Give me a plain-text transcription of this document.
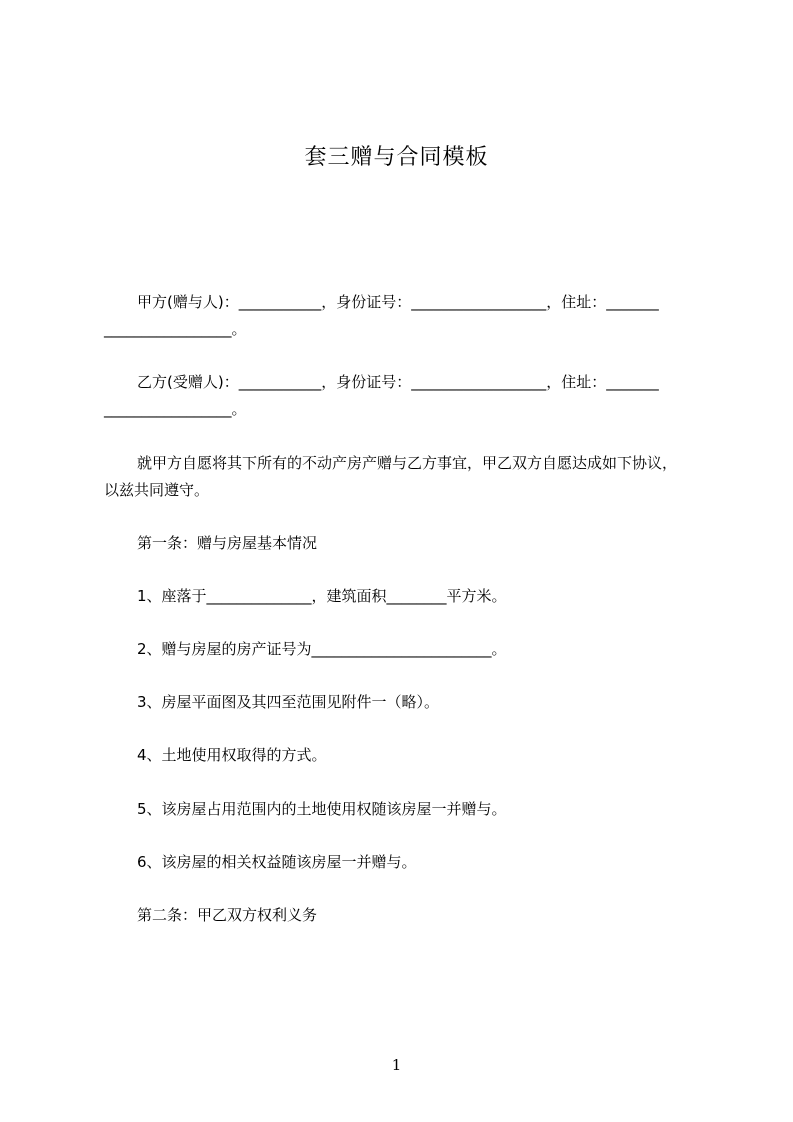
套三赠与合同模板
甲方(赠与人)：___________，身份证号：__________________，住址：_______
_________________。
乙方(受赠人)：___________，身份证号：__________________，住址：_______
_________________。
就甲方自愿将其下所有的不动产房产赠与乙方事宜，甲乙双方自愿达成如下协议，
以兹共同遵守。
第一条：赠与房屋基本情况
1、座落于______________，建筑面积________平方米。
2、赠与房屋的房产证号为________________________。
3、房屋平面图及其四至范围见附件一（略）。
4、土地使用权取得的方式。
5、该房屋占用范围内的土地使用权随该房屋一并赠与。
6、该房屋的相关权益随该房屋一并赠与。
第二条：甲乙双方权利义务
1
